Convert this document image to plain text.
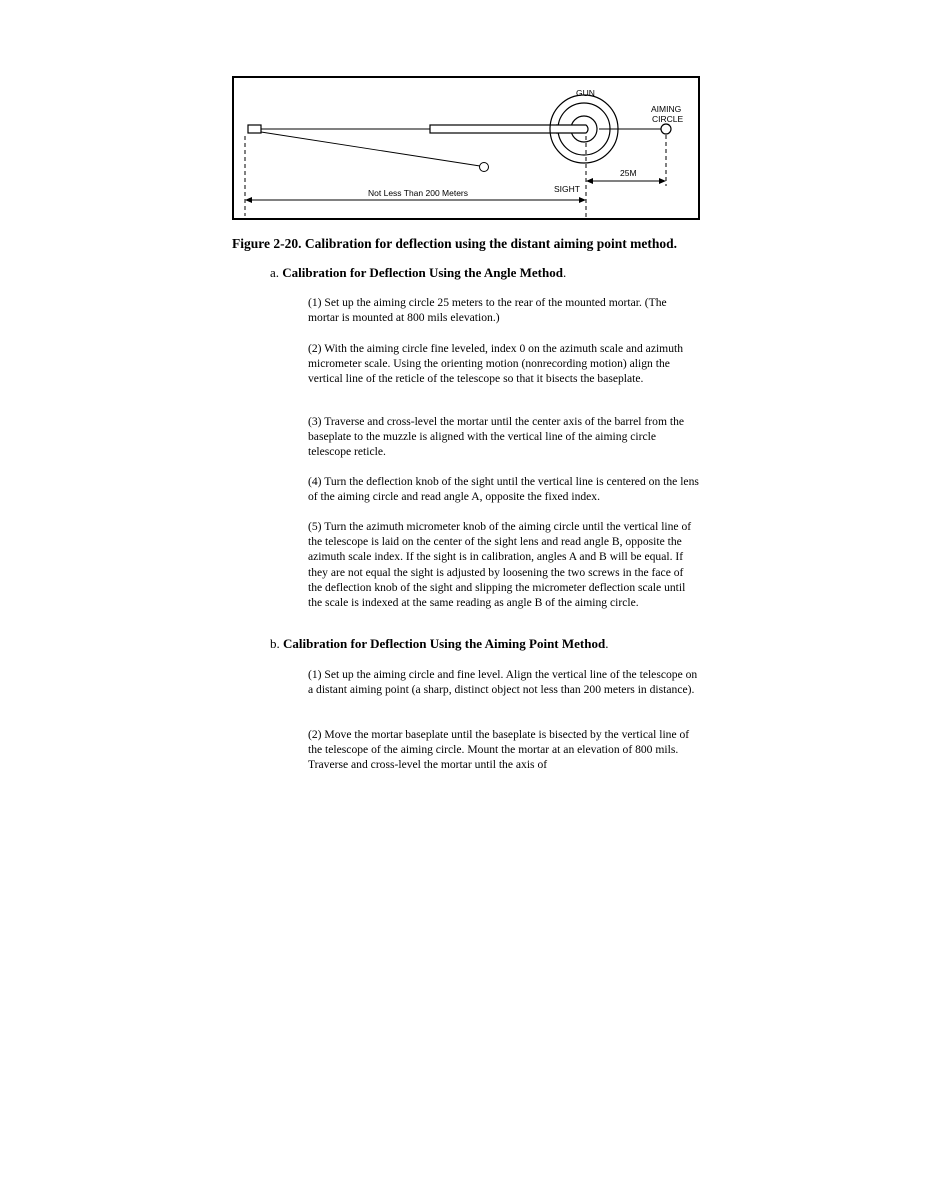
GUN
AIMING
CIRCLE
25M
SIGHT
Not Less Than 200 Meters
Figure 2-20. Calibration for deflection using the distant aiming point method.
a. Calibration for Deflection Using the Angle Method.

(1) Set up the aiming circle 25 meters to the rear of the mounted mortar. (The mortar is mounted at 800 mils elevation.)

(2) With the aiming circle fine leveled, index 0 on the azimuth scale and azimuth micrometer scale. Using the orienting motion (nonrecording motion) align the vertical line of the reticle of the telescope so that it bisects the baseplate.

(3) Traverse and cross-level the mortar until the center axis of the barrel from the baseplate to the muzzle is aligned with the vertical line of the aiming circle telescope reticle.

(4) Turn the deflection knob of the sight until the vertical line is centered on the lens of the aiming circle and read angle A, opposite the fixed index.

(5) Turn the azimuth micrometer knob of the aiming circle until the vertical line of the telescope is laid on the center of the sight lens and read angle B, opposite the azimuth scale index. If the sight is in calibration, angles A and B will be equal. If they are not equal the sight is adjusted by loosening the two screws in the face of the deflection knob of the sight and slipping the micrometer deflection scale until the scale is indexed at the same reading as angle B of the aiming circle.

b. Calibration for Deflection Using the Aiming Point Method.

(1) Set up the aiming circle and fine level. Align the vertical line of the telescope on a distant aiming point (a sharp, distinct object not less than 200 meters in distance).

(2) Move the mortar baseplate until the baseplate is bisected by the vertical line of the telescope of the aiming circle. Mount the mortar at an elevation of 800 mils. Traverse and cross-level the mortar until the axis of
